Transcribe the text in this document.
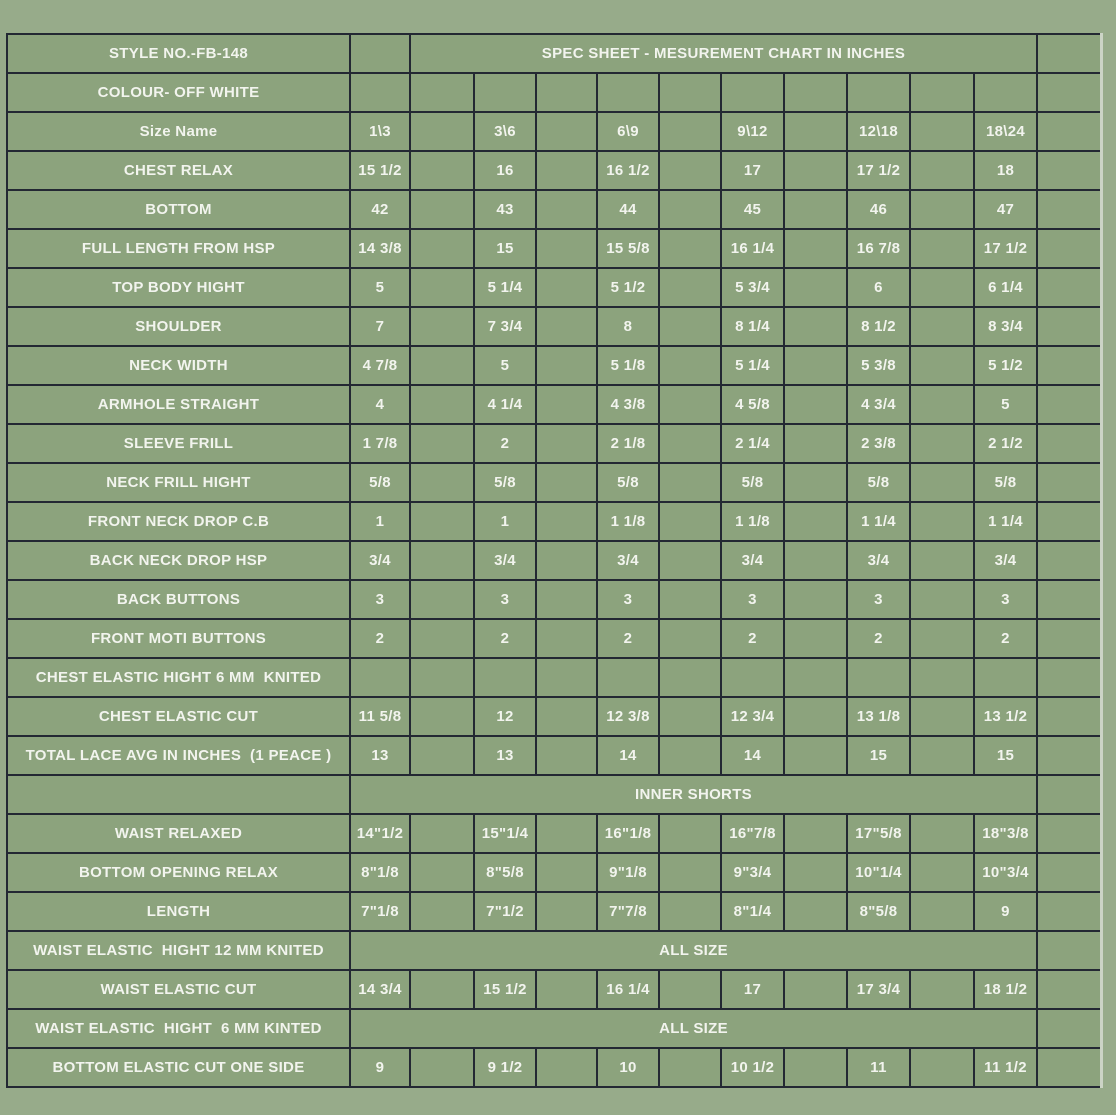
STYLE NO.-FB-148		SPEC SHEET - MESUREMENT CHART IN INCHES										
COLOUR- OFF WHITE												
Size Name	1\3		3\6		6\9		9\12		12\18		18\24	
CHEST RELAX	15 1/2		16		16 1/2		17		17 1/2		18	
BOTTOM	42		43		44		45		46		47	
FULL LENGTH FROM HSP	14 3/8		15		15 5/8		16 1/4		16 7/8		17 1/2	
TOP BODY HIGHT	5		5 1/4		5 1/2		5 3/4		6		6 1/4	
SHOULDER	7		7 3/4		8		8 1/4		8 1/2		8 3/4	
NECK WIDTH	4 7/8		5		5 1/8		5 1/4		5 3/8		5 1/2	
ARMHOLE STRAIGHT	4		4 1/4		4 3/8		4 5/8		4 3/4		5	
SLEEVE FRILL	1 7/8		2		2 1/8		2 1/4		2 3/8		2 1/2	
NECK FRILL HIGHT	5/8		5/8		5/8		5/8		5/8		5/8	
FRONT NECK DROP C.B	1		1		1 1/8		1 1/8		1 1/4		1 1/4	
BACK NECK DROP HSP	3/4		3/4		3/4		3/4		3/4		3/4	
BACK BUTTONS	3		3		3		3		3		3	
FRONT MOTI BUTTONS	2		2		2		2		2		2	
CHEST ELASTIC HIGHT 6 MM  KNITED												
CHEST ELASTIC CUT	11 5/8		12		12 3/8		12 3/4		13 1/8		13 1/2	
TOTAL LACE AVG IN INCHES  (1 PEACE )	13		13		14		14		15		15	
	INNER SHORTS											
WAIST RELAXED	14"1/2		15"1/4		16"1/8		16"7/8		17"5/8		18"3/8	
BOTTOM OPENING RELAX	8"1/8		8"5/8		9"1/8		9"3/4		10"1/4		10"3/4	
LENGTH	7"1/8		7"1/2		7"7/8		8"1/4		8"5/8		9	
WAIST ELASTIC  HIGHT 12 MM KNITED	ALL SIZE											
WAIST ELASTIC CUT	14 3/4		15 1/2		16 1/4		17		17 3/4		18 1/2	
WAIST ELASTIC  HIGHT  6 MM KINTED	ALL SIZE											
BOTTOM ELASTIC CUT ONE SIDE	9		9 1/2		10		10 1/2		11		11 1/2	
